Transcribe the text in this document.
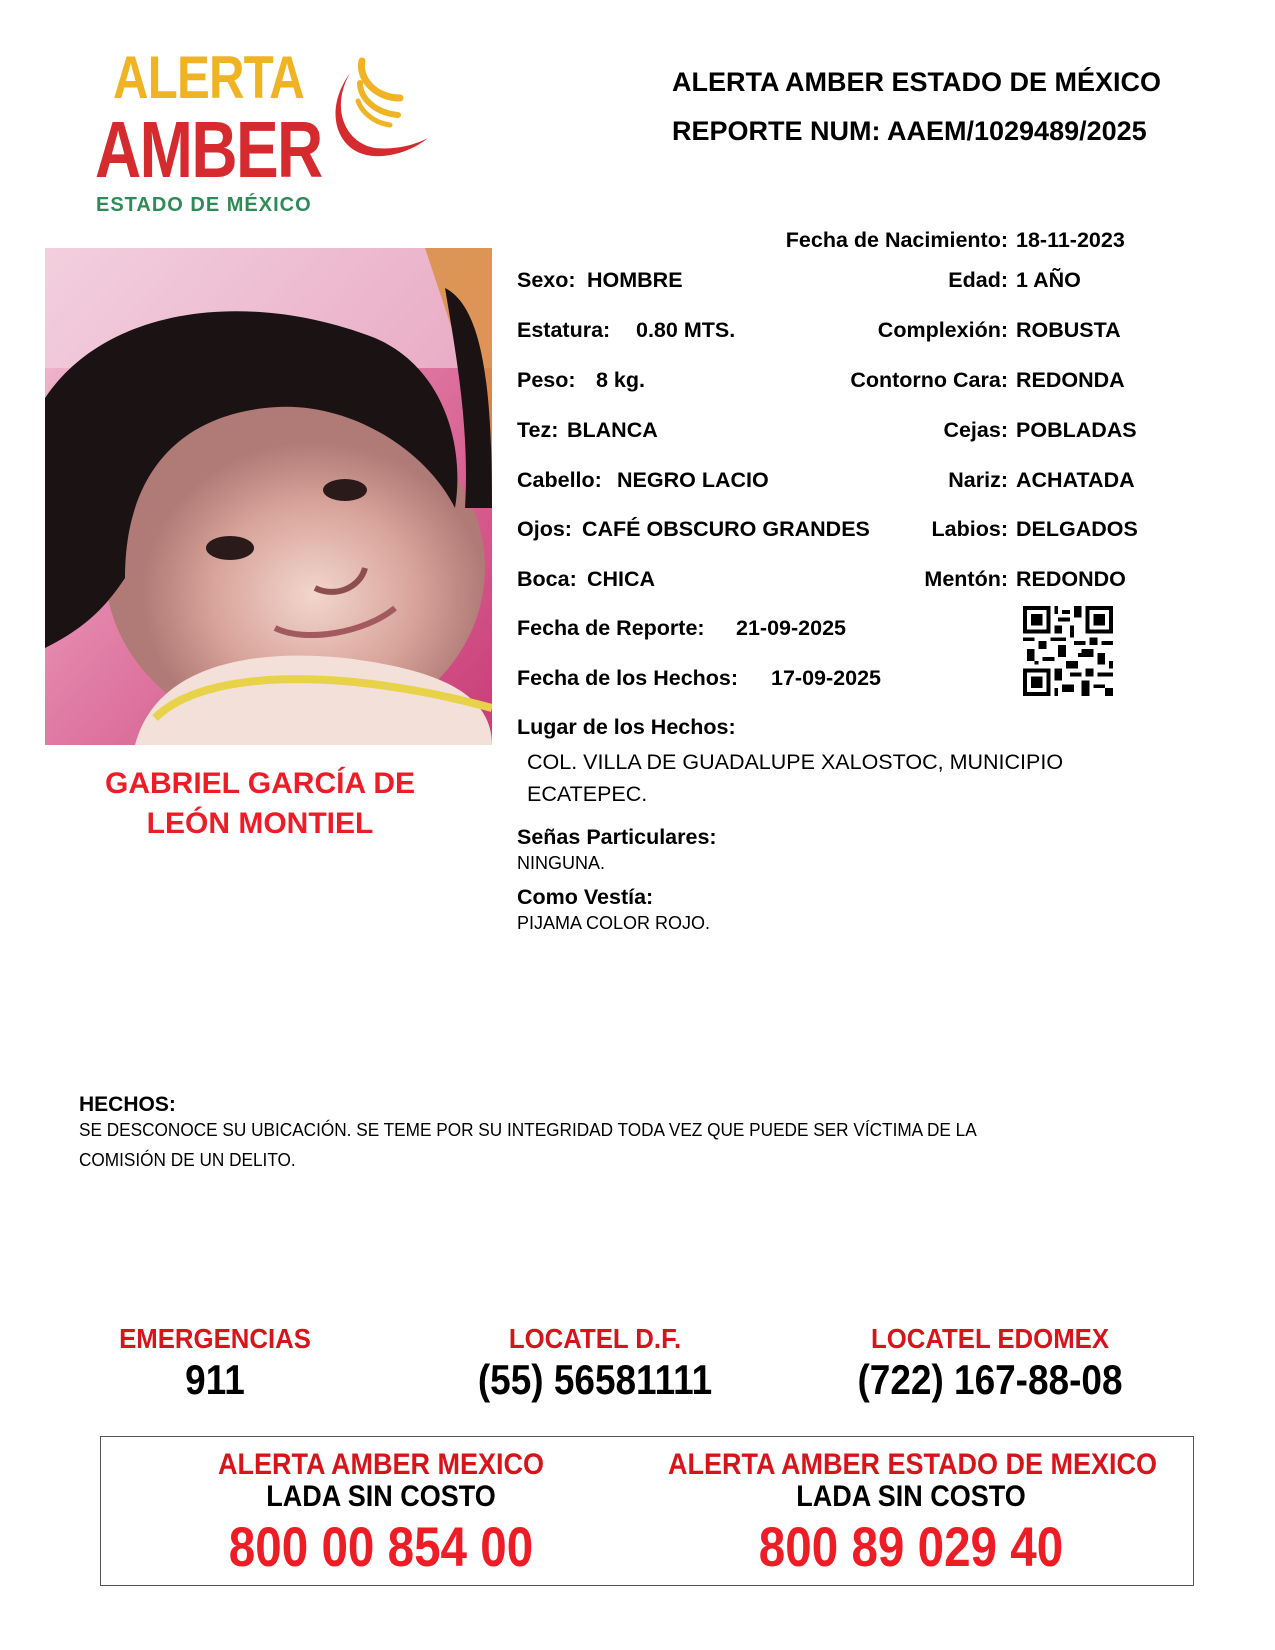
ALERTA
AMBER
ESTADO DE MÉXICO
ALERTA AMBER ESTADO DE MÉXICO
REPORTE NUM: AAEM/1029489/2025
GABRIEL GARCÍA DE
LEÓN MONTIEL
Fecha de Nacimiento: 18-11-2023
Sexo: HOMBRE	Edad: 1 AÑO
Estatura: 0.80 MTS.	Complexión: ROBUSTA
Peso: 8 kg.	Contorno Cara: REDONDA
Tez: BLANCA	Cejas: POBLADAS
Cabello: NEGRO LACIO	Nariz: ACHATADA
Ojos: CAFÉ OBSCURO GRANDES	Labios: DELGADOS
Boca: CHICA	Mentón: REDONDO
Fecha de Reporte: 21-09-2025
Fecha de los Hechos: 17-09-2025
Lugar de los Hechos:
COL. VILLA DE GUADALUPE XALOSTOC, MUNICIPIO
ECATEPEC.
Señas Particulares:
NINGUNA.
Como Vestía:
PIJAMA COLOR ROJO.
HECHOS:
SE DESCONOCE SU UBICACIÓN. SE TEME POR SU INTEGRIDAD TODA VEZ QUE PUEDE SER VÍCTIMA DE LA
COMISIÓN DE UN DELITO.
EMERGENCIAS
911
LOCATEL D.F.
(55) 56581111
LOCATEL EDOMEX
(722) 167-88-08
ALERTA AMBER MEXICO
LADA SIN COSTO
800 00 854 00
ALERTA AMBER ESTADO DE MEXICO
LADA SIN COSTO
800 89 029 40
